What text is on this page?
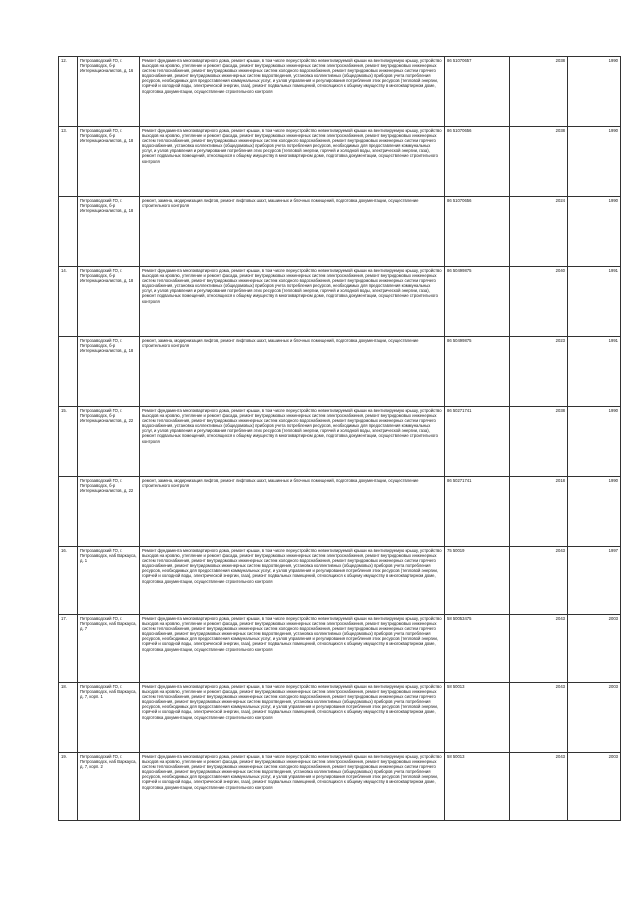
12.	Петрозаводский ГО, г. Петрозаводск, б-р Интернационалистов, д. 16	Ремонт фундамента многоквартирного дома, ремонт крыши, в том числе переустройство невентилируемой крыши на вентилируемую крышу, устройство выходов на кровлю, утепление и ремонт фасада, ремонт внутридомовых инженерных систем электроснабжения, ремонт внутридомовых инженерных систем теплоснабжения, ремонт внутридомовых инженерных систем холодного водоснабжения, ремонт внутридомовых инженерных систем горячего водоснабжения, ремонт внутридомовых инженерных систем водоотведения, установка коллективных (общедомовых) приборов учета потребления ресурсов, необходимых для предоставления коммунальных услуг, и узлов управления и регулирования потребления этих ресурсов (тепловой энергии, горячей и холодной воды, электрической энергии, газа), ремонт подвальных помещений, относящихся к общему имуществу в многоквартирном доме, подготовка документации, осуществление строительного контроля	86 51070657	2038	1990
13.	Петрозаводский ГО, г. Петрозаводск, б-р Интернационалистов, д. 18	Ремонт фундамента многоквартирного дома, ремонт крыши, в том числе переустройство невентилируемой крыши на вентилируемую крышу, устройство выходов на кровлю, утепление и ремонт фасада, ремонт внутридомовых инженерных систем электроснабжения, ремонт внутридомовых инженерных систем теплоснабжения, ремонт внутридомовых инженерных систем холодного водоснабжения, ремонт внутридомовых инженерных систем горячего водоснабжения, установка коллективных (общедомовых) приборов учета потребления ресурсов, необходимых для предоставления коммунальных услуг, и узлов управления и регулирования потребления этих ресурсов (тепловой энергии, горячей и холодной воды, электрической энергии, газа), ремонт подвальных помещений, относящихся к общему имуществу в многоквартирном доме, подготовка документации, осуществление строительного контроля	86 51070656	2038	1990
	Петрозаводский ГО, г. Петрозаводск, б-р Интернационалистов, д. 18	ремонт, замена, модернизация лифтов, ремонт лифтовых шахт, машинных и блочных помещений, подготовка документации, осуществление строительного контроля	86 51070656	2024	1990
14.	Петрозаводский ГО, г. Петрозаводск, б-р Интернационалистов, д. 18	Ремонт фундамента многоквартирного дома, ремонт крыши, в том числе переустройство невентилируемой крыши на вентилируемую крышу, устройство выходов на кровлю, утепление и ремонт фасада, ремонт внутридомовых инженерных систем электроснабжения, ремонт внутридомовых инженерных систем теплоснабжения, ремонт внутридомовых инженерных систем холодного водоснабжения, ремонт внутридомовых инженерных систем горячего водоснабжения, установка коллективных (общедомовых) приборов учета потребления ресурсов, необходимых для предоставления коммунальных услуг, и узлов управления и регулирования потребления этих ресурсов (тепловой энергии, горячей и холодной воды, электрической энергии, газа), ремонт подвальных помещений, относящихся к общему имуществу в многоквартирном доме, подготовка документации, осуществление строительного контроля	86 50499875	2040	1991
	Петрозаводский ГО, г. Петрозаводск, б-р Интернационалистов, д. 18	ремонт, замена, модернизация лифтов, ремонт лифтовых шахт, машинных и блочных помещений, подготовка документации, осуществление строительного контроля	86 50499875	2023	1991
15.	Петрозаводский ГО, г. Петрозаводск, б-р Интернационалистов, д. 22	Ремонт фундамента многоквартирного дома, ремонт крыши, в том числе переустройство невентилируемой крыши на вентилируемую крышу, устройство выходов на кровлю, утепление и ремонт фасада, ремонт внутридомовых инженерных систем электроснабжения, ремонт внутридомовых инженерных систем теплоснабжения, ремонт внутридомовых инженерных систем холодного водоснабжения, ремонт внутридомовых инженерных систем горячего водоснабжения, установка коллективных (общедомовых) приборов учета потребления ресурсов, необходимых для предоставления коммунальных услуг, и узлов управления и регулирования потребления этих ресурсов (тепловой энергии, горячей и холодной воды, электрической энергии, газа), ремонт подвальных помещений, относящихся к общему имуществу в многоквартирном доме, подготовка документации, осуществление строительного контроля	86 50271741	2038	1990
	Петрозаводский ГО, г. Петрозаводск, б-р Интернационалистов, д. 22	ремонт, замена, модернизация лифтов, ремонт лифтовых шахт, машинных и блочных помещений, подготовка документации, осуществление строительного контроля	86 50271741	2018	1990
16.	Петрозаводский ГО, г. Петрозаводск, наб Варкауса, д. 1	Ремонт фундамента многоквартирного дома, ремонт крыши, в том числе переустройство невентилируемой крыши на вентилируемую крышу, устройство выходов на кровлю, утепление и ремонт фасада, ремонт внутридомовых инженерных систем электроснабжения, ремонт внутридомовых инженерных систем теплоснабжения, ремонт внутридомовых инженерных систем холодного водоснабжения, ремонт внутридомовых инженерных систем горячего водоснабжения, ремонт внутридомовых инженерных систем водоотведения, установка коллективных (общедомовых) приборов учета потребления ресурсов, необходимых для предоставления коммунальных услуг, и узлов управления и регулирования потребления этих ресурсов (тепловой энергии, горячей и холодной воды, электрической энергии, газа), ремонт подвальных помещений, относящихся к общему имуществу в многоквартирном доме, подготовка документации, осуществление строительного контроля	75 50019	2043	1997
17.	Петрозаводский ГО, г. Петрозаводск, наб Варкауса, д. 7	Ремонт фундамента многоквартирного дома, ремонт крыши, в том числе переустройство невентилируемой крыши на вентилируемую крышу, устройство выходов на кровлю, утепление и ремонт фасада, ремонт внутридомовых инженерных систем электроснабжения, ремонт внутридомовых инженерных систем теплоснабжения, ремонт внутридомовых инженерных систем холодного водоснабжения, ремонт внутридомовых инженерных систем горячего водоснабжения, ремонт внутридомовых инженерных систем водоотведения, установка коллективных (общедомовых) приборов учета потребления ресурсов, необходимых для предоставления коммунальных услуг, и узлов управления и регулирования потребления этих ресурсов (тепловой энергии, горячей и холодной воды, электрической энергии, газа), ремонт подвальных помещений, относящихся к общему имуществу в многоквартирном доме, подготовка документации, осуществление строительного контроля	58 50053475	2043	2003
18.	Петрозаводский ГО, г. Петрозаводск, наб Варкауса, д. 7, корп. 1	Ремонт фундамента многоквартирного дома, ремонт крыши, в том числе переустройство невентилируемой крыши на вентилируемую крышу, устройство выходов на кровлю, утепление и ремонт фасада, ремонт внутридомовых инженерных систем электроснабжения, ремонт внутридомовых инженерных систем теплоснабжения, ремонт внутридомовых инженерных систем холодного водоснабжения, ремонт внутридомовых инженерных систем горячего водоснабжения, ремонт внутридомовых инженерных систем водоотведения, установка коллективных (общедомовых) приборов учета потребления ресурсов, необходимых для предоставления коммунальных услуг, и узлов управления и регулирования потребления этих ресурсов (тепловой энергии, горячей и холодной воды, электрической энергии, газа), ремонт подвальных помещений, относящихся к общему имуществу в многоквартирном доме, подготовка документации, осуществление строительного контроля	58 50013	2043	2003
19.	Петрозаводский ГО, г. Петрозаводск, наб Варкауса, д. 7, корп. 2	Ремонт фундамента многоквартирного дома, ремонт крыши, в том числе переустройство невентилируемой крыши на вентилируемую крышу, устройство выходов на кровлю, утепление и ремонт фасада, ремонт внутридомовых инженерных систем электроснабжения, ремонт внутридомовых инженерных систем теплоснабжения, ремонт внутридомовых инженерных систем холодного водоснабжения, ремонт внутридомовых инженерных систем горячего водоснабжения, ремонт внутридомовых инженерных систем водоотведения, установка коллективных (общедомовых) приборов учета потребления ресурсов, необходимых для предоставления коммунальных услуг, и узлов управления и регулирования потребления этих ресурсов (тепловой энергии, горячей и холодной воды, электрической энергии, газа), ремонт подвальных помещений, относящихся к общему имуществу в многоквартирном доме, подготовка документации, осуществление строительного контроля	58 50013	2043	2003
